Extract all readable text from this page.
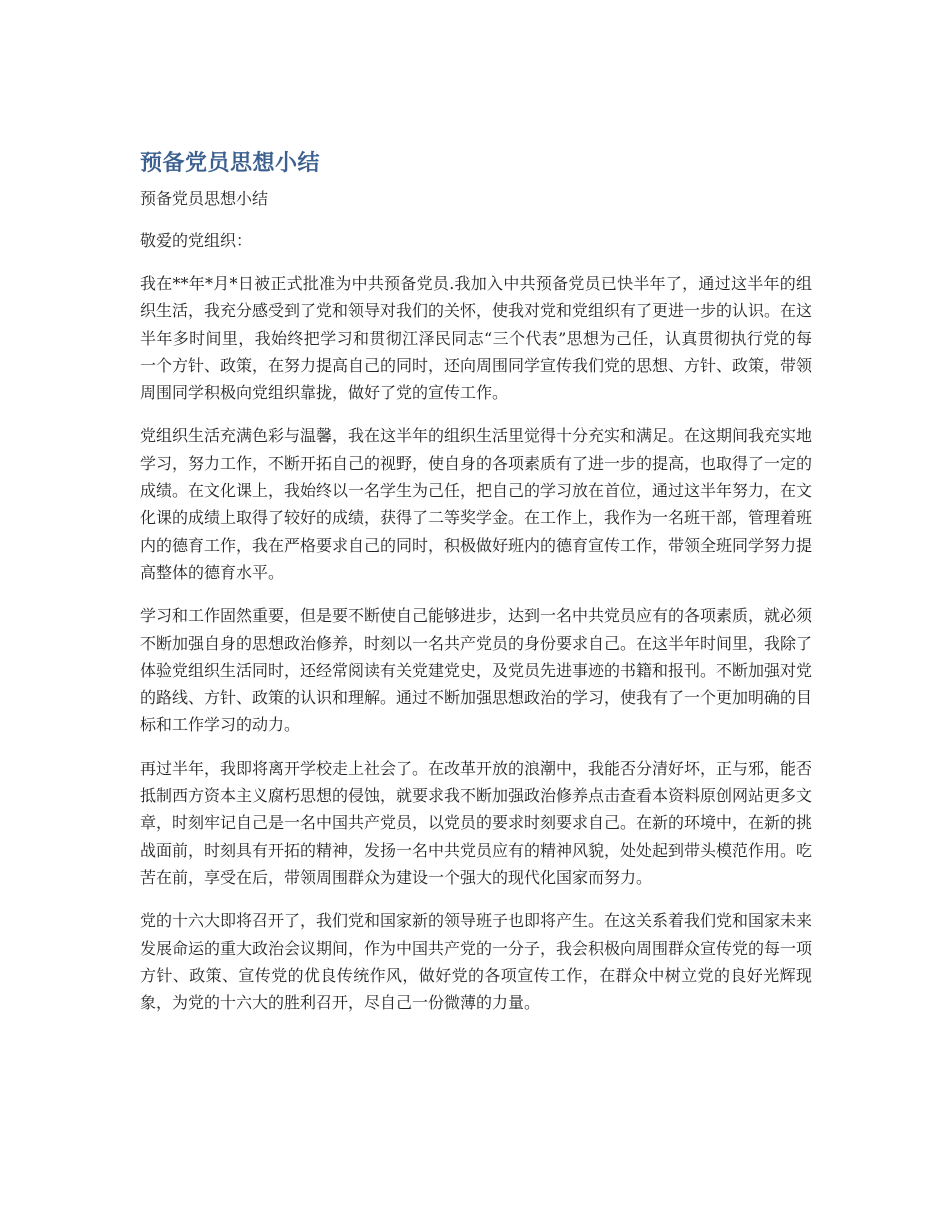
预备党员思想小结

预备党员思想小结

敬爱的党组织：

我在**年*月*日被正式批准为中共预备党员.我加入中共预备党员已快半年了，通过这半年的组织生活，我充分感受到了党和领导对我们的关怀，使我对党和党组织有了更进一步的认识。在这半年多时间里，我始终把学习和贯彻江泽民同志“三个代表”思想为己任，认真贯彻执行党的每一个方针、政策，在努力提高自己的同时，还向周围同学宣传我们党的思想、方针、政策，带领周围同学积极向党组织靠拢，做好了党的宣传工作。

党组织生活充满色彩与温馨，我在这半年的组织生活里觉得十分充实和满足。在这期间我充实地学习，努力工作，不断开拓自己的视野，使自身的各项素质有了进一步的提高，也取得了一定的成绩。在文化课上，我始终以一名学生为己任，把自己的学习放在首位，通过这半年努力，在文化课的成绩上取得了较好的成绩，获得了二等奖学金。在工作上，我作为一名班干部，管理着班内的德育工作，我在严格要求自己的同时，积极做好班内的德育宣传工作，带领全班同学努力提高整体的德育水平。

学习和工作固然重要，但是要不断使自己能够进步，达到一名中共党员应有的各项素质，就必须不断加强自身的思想政治修养，时刻以一名共产党员的身份要求自己。在这半年时间里，我除了体验党组织生活同时，还经常阅读有关党建党史，及党员先进事迹的书籍和报刊。不断加强对党的路线、方针、政策的认识和理解。通过不断加强思想政治的学习，使我有了一个更加明确的目标和工作学习的动力。

再过半年，我即将离开学校走上社会了。在改革开放的浪潮中，我能否分清好坏，正与邪，能否抵制西方资本主义腐朽思想的侵蚀，就要求我不断加强政治修养点击查看本资料原创网站更多文章，时刻牢记自己是一名中国共产党员，以党员的要求时刻要求自己。在新的环境中，在新的挑战面前，时刻具有开拓的精神，发扬一名中共党员应有的精神风貌，处处起到带头模范作用。吃苦在前，享受在后，带领周围群众为建设一个强大的现代化国家而努力。

党的十六大即将召开了，我们党和国家新的领导班子也即将产生。在这关系着我们党和国家未来发展命运的重大政治会议期间，作为中国共产党的一分子，我会积极向周围群众宣传党的每一项方针、政策、宣传党的优良传统作风，做好党的各项宣传工作，在群众中树立党的良好光辉现象，为党的十六大的胜利召开，尽自己一份微薄的力量。
